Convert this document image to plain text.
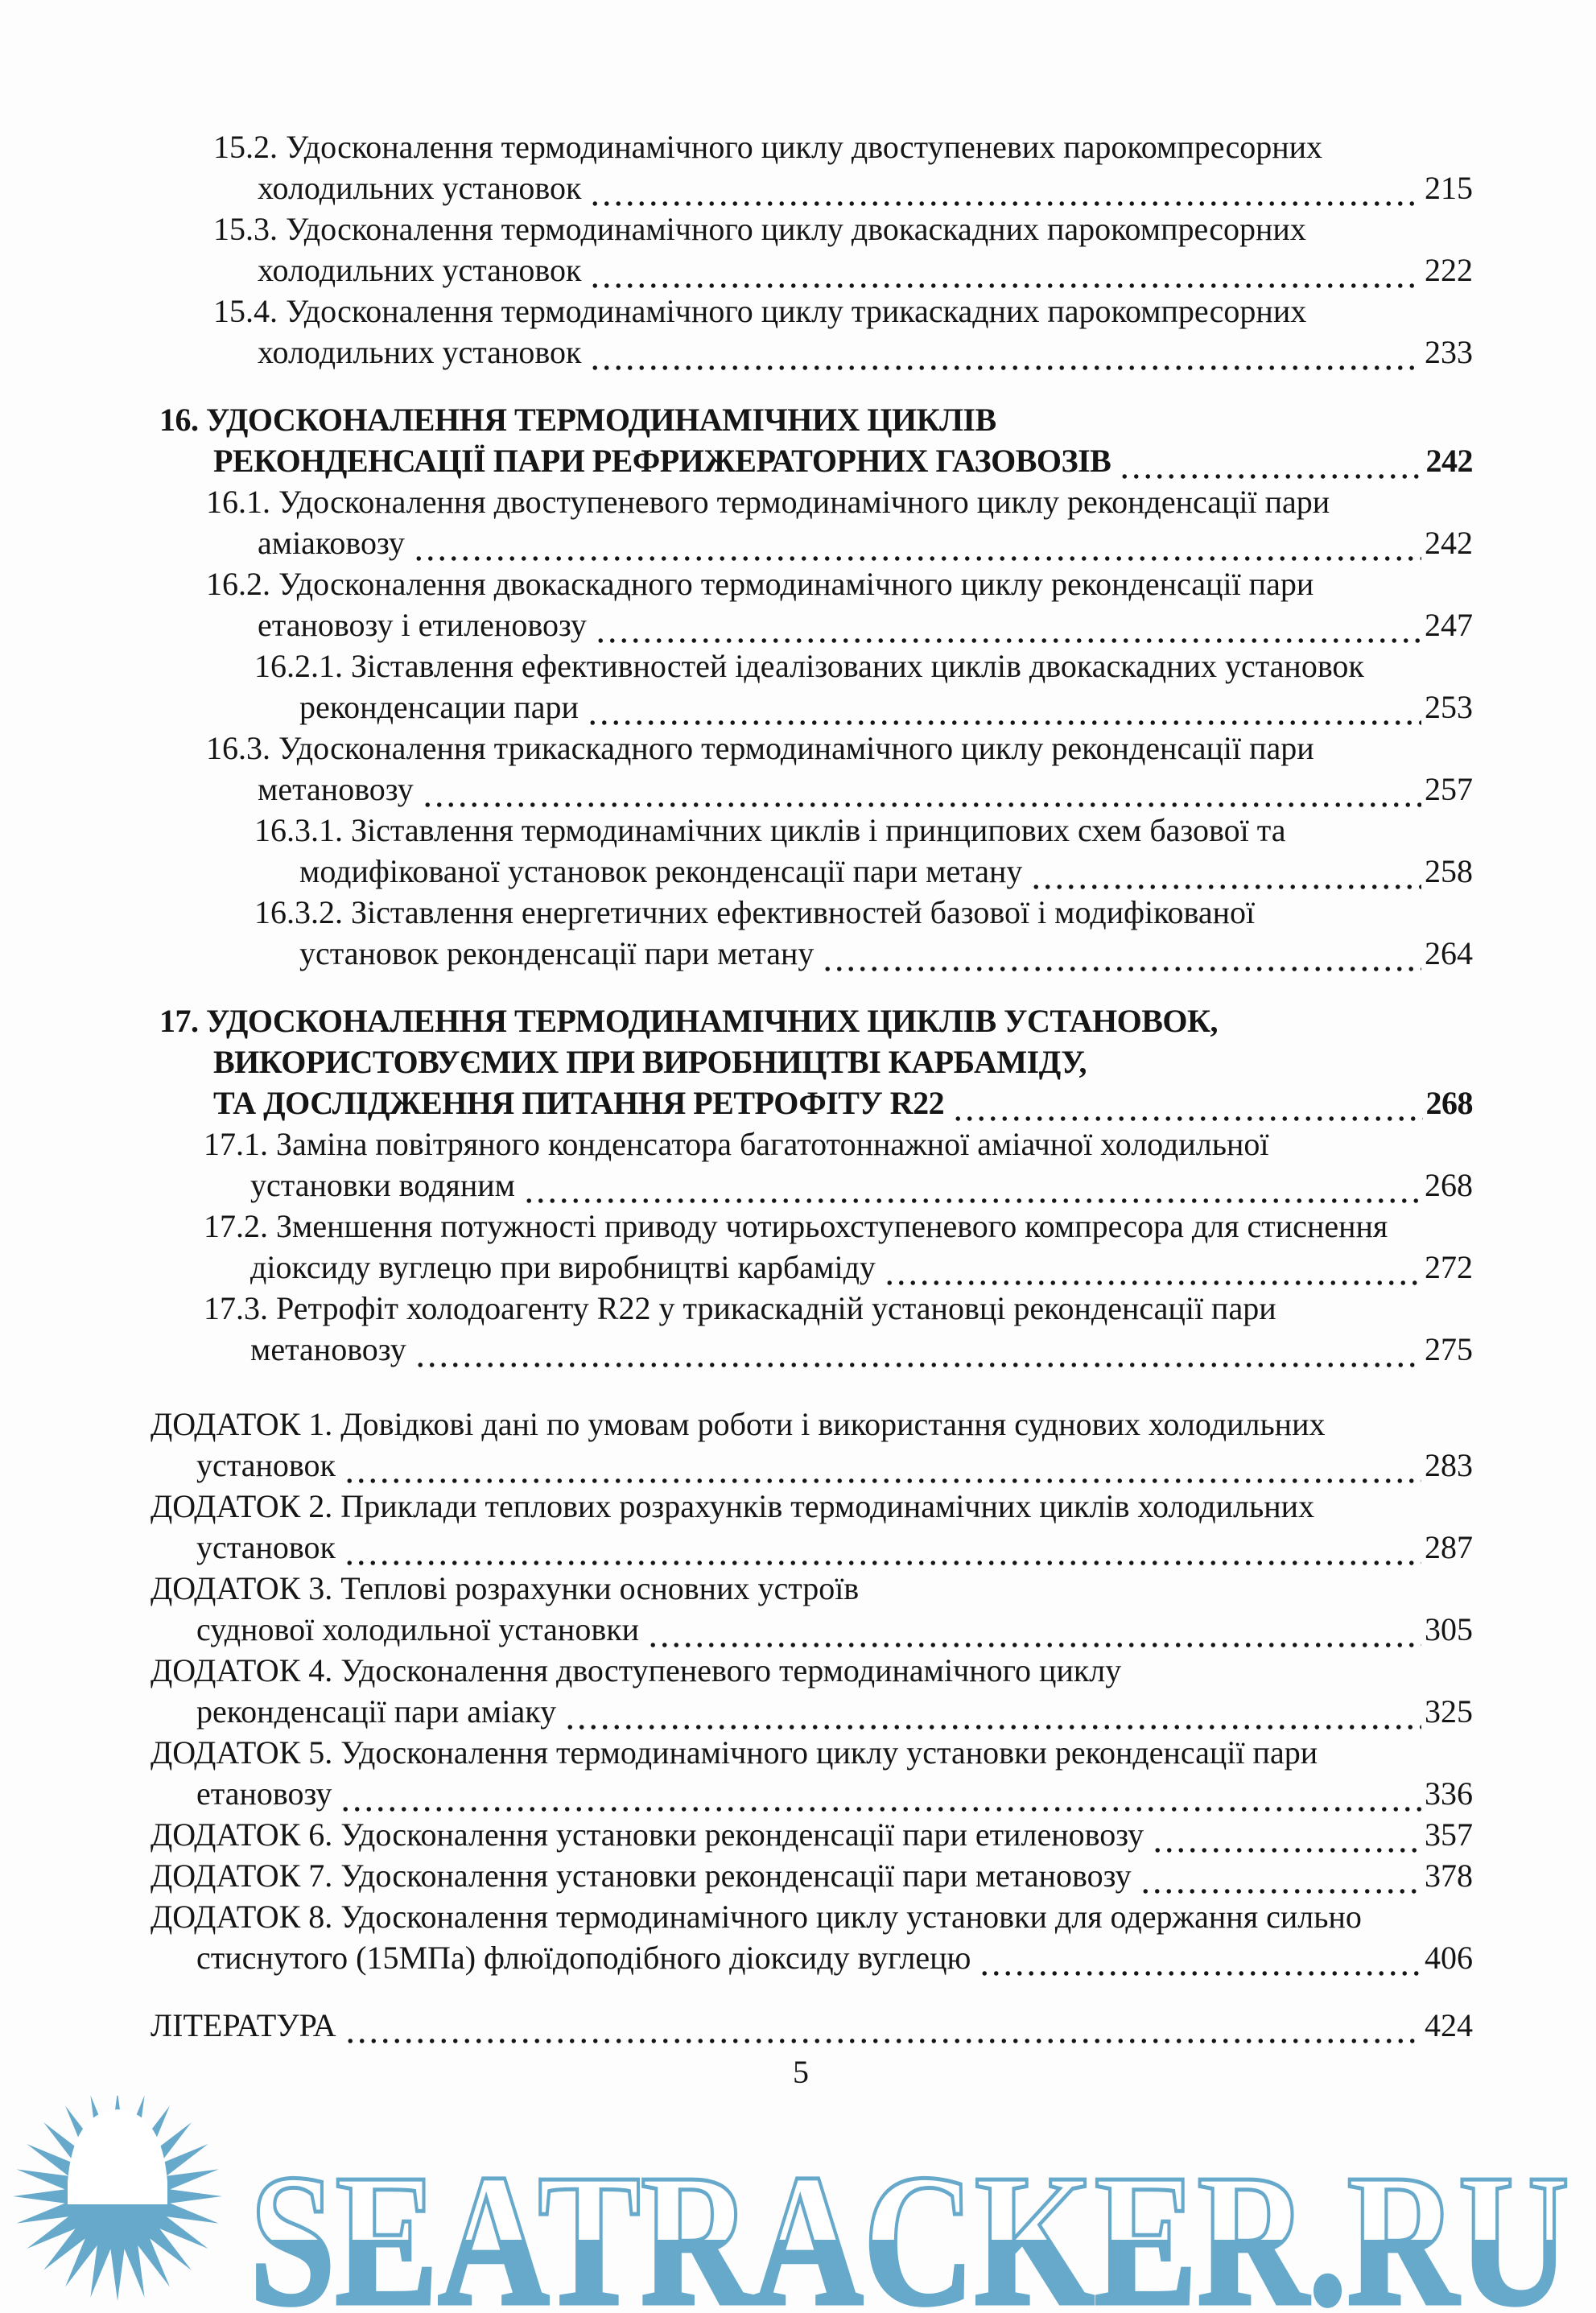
15.2. Удосконалення термодинамічного циклу двоступеневих парокомпресорних
холодильних установок	215
15.3. Удосконалення термодинамічного циклу двокаскадних парокомпресорних
холодильних установок	222
15.4. Удосконалення термодинамічного циклу трикаскадних парокомпресорних
холодильних установок	233
16. УДОСКОНАЛЕННЯ ТЕРМОДИНАМІЧНИХ ЦИКЛІВ
РЕКОНДЕНСАЦІЇ ПАРИ РЕФРИЖЕРАТОРНИХ ГАЗОВОЗІВ	242
16.1. Удосконалення двоступеневого термодинамічного циклу реконденсації пари
аміаковозу	242
16.2. Удосконалення двокаскадного термодинамічного циклу реконденсації пари
етановозу і етиленовозу	247
16.2.1. Зіставлення ефективностей ідеалізованих циклів двокаскадних установок
реконденсации пари	253
16.3. Удосконалення трикаскадного термодинамічного циклу реконденсації пари
метановозу	257
16.3.1. Зіставлення термодинамічних циклів і принципових схем базової та
модифікованої установок реконденсації пари метану	258
16.3.2. Зіставлення енергетичних ефективностей базової і модифікованої
установок реконденсації пари метану	264
17. УДОСКОНАЛЕННЯ ТЕРМОДИНАМІЧНИХ ЦИКЛІВ УСТАНОВОК,
ВИКОРИСТОВУЄМИХ ПРИ ВИРОБНИЦТВІ КАРБАМІДУ,
ТА ДОСЛІДЖЕННЯ ПИТАННЯ РЕТРОФІТУ R22	268
17.1. Заміна повітряного конденсатора багатотоннажної аміачної холодильної
установки водяним	268
17.2. Зменшення потужності приводу чотирьохступеневого компресора для стиснення
діоксиду вуглецю при виробництві карбаміду	272
17.3. Ретрофіт холодоагенту R22 у трикаскадній установці реконденсації пари
метановозу	275
ДОДАТОК 1. Довідкові дані по умовам роботи і використання суднових холодильних
установок	283
ДОДАТОК 2. Приклади теплових розрахунків термодинамічних циклів холодильних
установок	287
ДОДАТОК 3. Теплові розрахунки основних устроїв
суднової холодильної установки	305
ДОДАТОК 4. Удосконалення двоступеневого термодинамічного циклу
реконденсації пари аміаку	325
ДОДАТОК 5. Удосконалення термодинамічного циклу установки реконденсації пари
етановозу	336
ДОДАТОК 6. Удосконалення установки реконденсації пари етиленовозу	357
ДОДАТОК 7. Удосконалення установки реконденсації пари метановозу	378
ДОДАТОК 8. Удосконалення термодинамічного циклу установки для одержання сильно
стиснутого (15МПа) флюїдоподібного діоксиду вуглецю	406
ЛІТЕРАТУРА	424
5
SEATRACKER.RU
